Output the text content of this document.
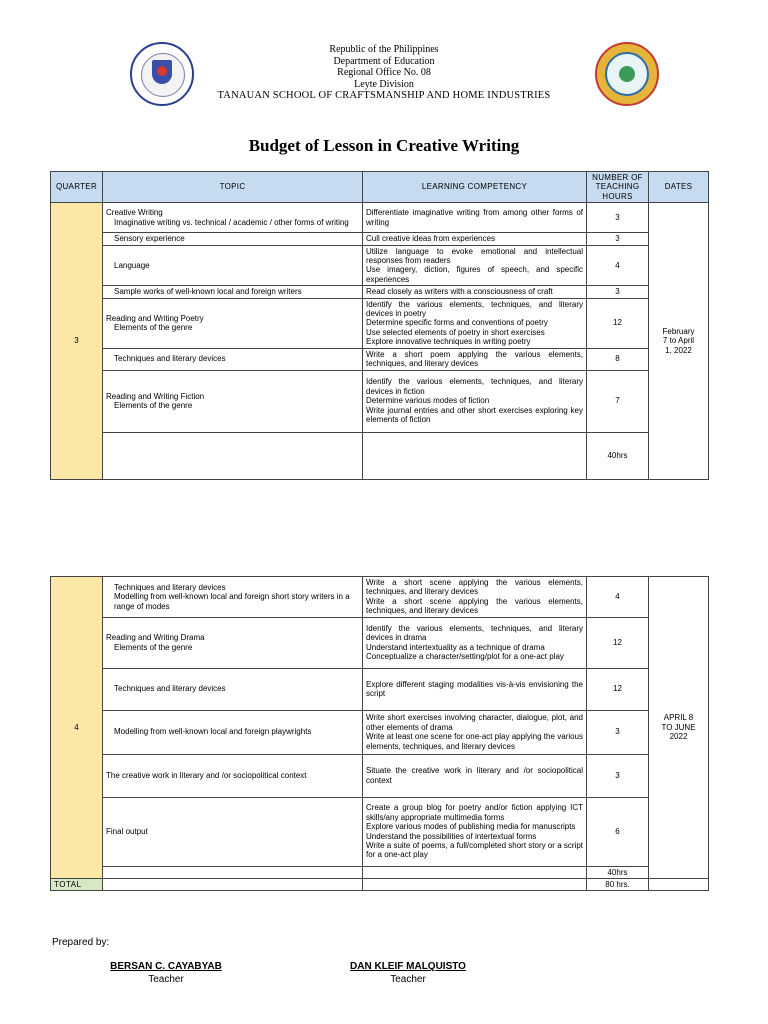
Republic of the Philippines
Department of Education
Regional Office No. 08
Leyte Division
TANAUAN SCHOOL OF CRAFTSMANSHIP AND HOME INDUSTRIES
Budget of Lesson in Creative Writing
QUARTER	TOPIC	LEARNING COMPETENCY	NUMBER OF
TEACHING
HOURS	DATES
3	Creative Writing
Imaginative writing vs. technical / academic / other forms of writing	Differentiate imaginative writing from among other forms of writing	3	February
7 to April
1, 2022

	Sensory experience	Cull creative ideas from experiences	3	

	Language	Utilize language to evoke emotional and intellectual responses from readers
Use imagery, diction, figures of speech, and specific experiences	4	

	Sample works of well-known local and foreign writers	Read closely as writers with a consciousness of craft	3	

	Reading and Writing Poetry
Elements of the genre	Identify the various elements, techniques, and literary devices in poetry
Determine specific forms and conventions of poetry
Use selected elements of poetry in short exercises
Explore innovative techniques in writing poetry	12	

	Techniques and literary devices	Write a short poem applying the various elements, techniques, and literary devices	8	

	Reading and Writing Fiction
Elements of the genre	Identify the various elements, techniques, and literary devices in fiction
Determine various modes of fiction
Write journal entries and other short exercises exploring key elements of fiction	7	
			40hrs	
4	Techniques and literary devices
Modelling from well-known local and foreign short story writers in a range of modes	Write a short scene applying the various elements, techniques, and literary devices
Write a short scene applying the various elements, techniques, and literary devices	4	APRIL 8
TO JUNE
2022

	Reading and Writing Drama
Elements of the genre	Identify the various elements, techniques, and literary devices in drama
Understand intertextuality as a technique of drama
Conceptualize a character/setting/plot for a one-act play	12	

	Techniques and literary devices	Explore different staging modalities vis-à-vis envisioning the script	12	

	Modelling from well-known local and foreign playwrights	Write short exercises involving character, dialogue, plot, and other elements of drama
Write at least one scene for one-act play applying the various elements, techniques, and literary devices	3	

	The creative work in literary and /or sociopolitical context	Situate the creative work in literary and /or sociopolitical context	3	

	Final output	Create a group blog for poetry and/or fiction applying ICT skills/any appropriate multimedia forms
Explore various modes of publishing media for manuscripts
Understand the possibilities of intertextual forms
Write a suite of poems, a full/completed short story or a script for a one-act play	6	
			40hrs	
TOTAL			80 hrs.	
Prepared by:
BERSAN C. CAYABYAB
Teacher
DAN KLEIF MALQUISTO
Teacher
